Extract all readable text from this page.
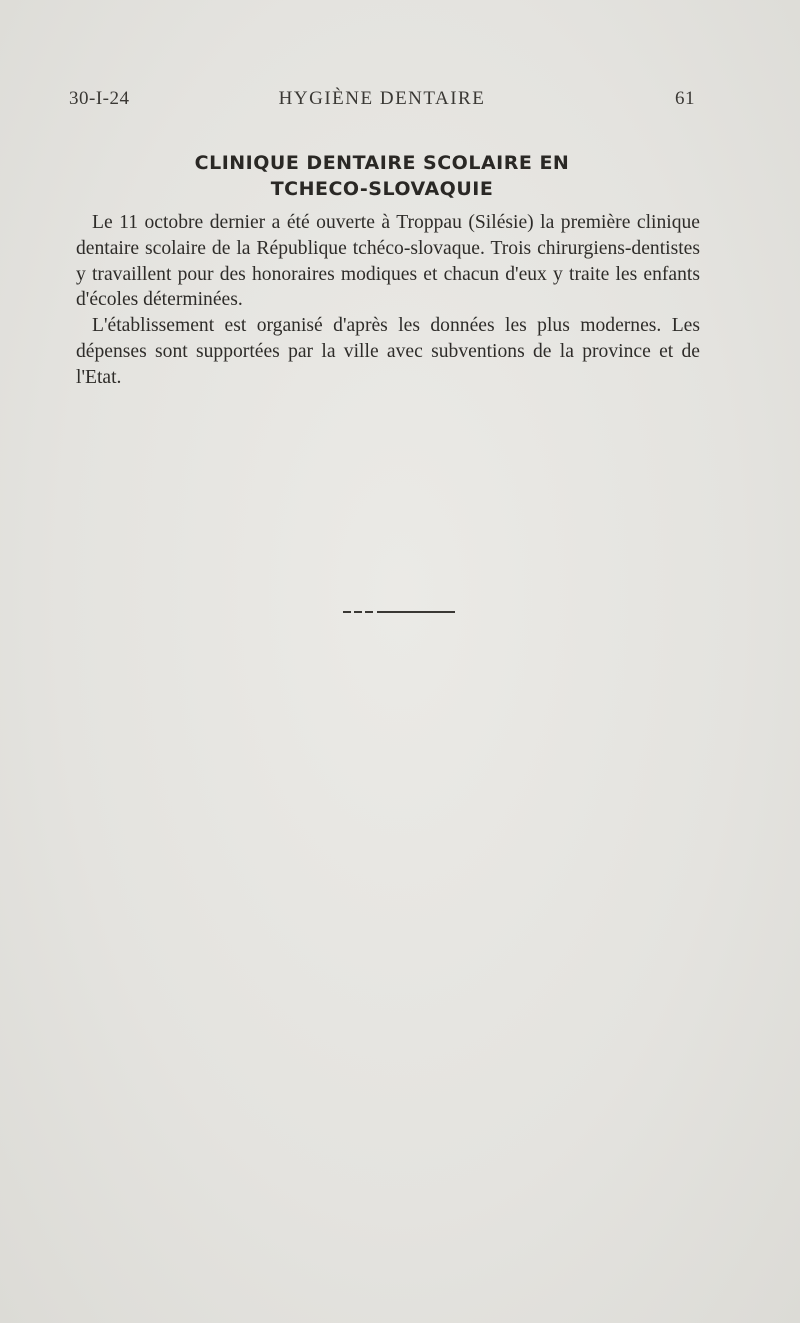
30-I-24	HYGIÈNE DENTAIRE	61
CLINIQUE DENTAIRE SCOLAIRE EN
TCHECO-SLOVAQUIE

Le 11 octobre dernier a été ouverte à Troppau (Silésie) la première clinique dentaire scolaire de la République tchéco-slovaque. Trois chirurgiens-dentistes y travaillent pour des honoraires modiques et chacun d'eux y traite les enfants d'écoles déterminées.

L'établissement est organisé d'après les données les plus modernes. Les dépenses sont supportées par la ville avec subventions de la province et de l'Etat.
